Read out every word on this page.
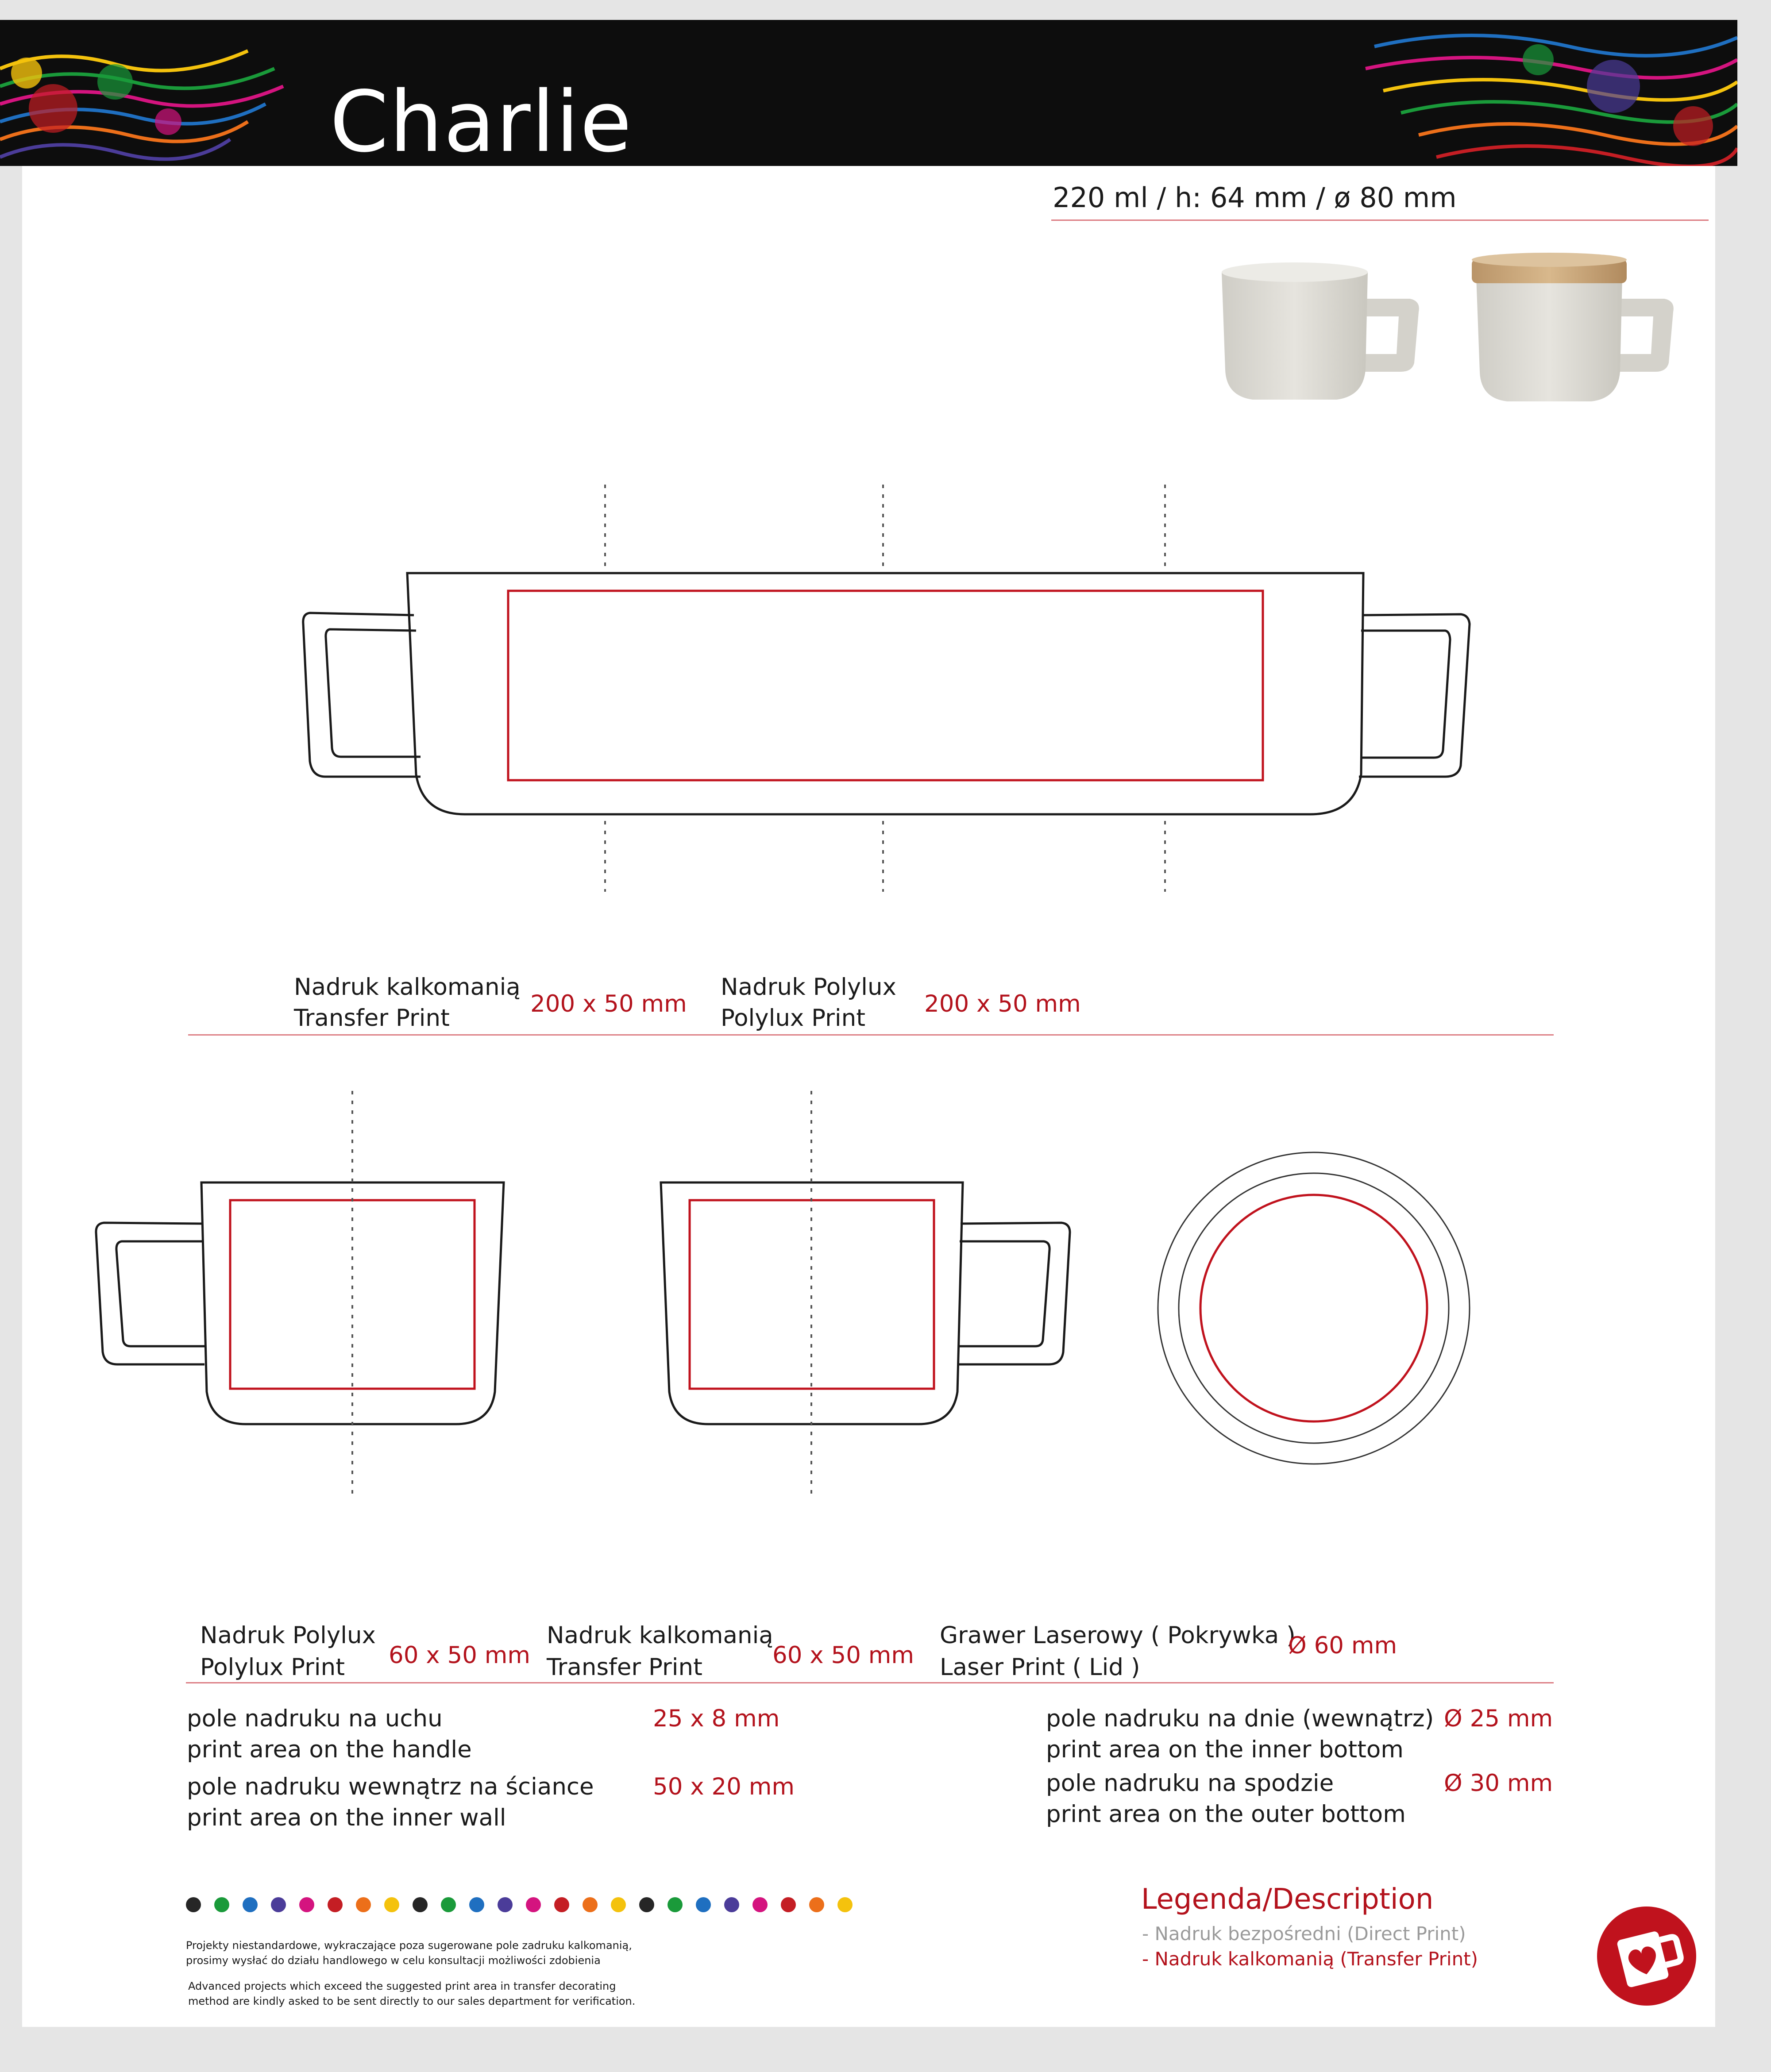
Charlie
220 ml / h: 64 mm / ø 80 mm
Nadruk kalkomanią
Transfer Print
200 x 50 mm
Nadruk Polylux
Polylux Print
200 x 50 mm
Nadruk Polylux
Polylux Print 60 x 50 mm
Nadruk kalkomanią
Transfer Print	60 x 50 mm
Grawer Laserowy ( Pokrywka )
Laser Print ( Lid )
Ø 60 mm
pole nadruku na uchu
print area on the handle
25 x 8 mm
pole nadruku wewnątrz na ściance
print area on the inner wall
50 x 20 mm
pole nadruku na dnie (wewnątrz)
print area on the inner bottom
Ø 25 mm
pole nadruku na spodzie
print area on the outer bottom
Ø 30 mm
Projekty niestandardowe, wykraczające poza sugerowane pole zadruku kalkomanią,
prosimy wysłać do działu handlowego w celu konsultacji możliwości zdobienia
Advanced projects which exceed the suggested print area in transfer decorating
method are kindly asked to be sent directly to our sales department for verification.
Legenda/Description
- Nadruk bezpośredni (Direct Print)
- Nadruk kalkomanią (Transfer Print)
